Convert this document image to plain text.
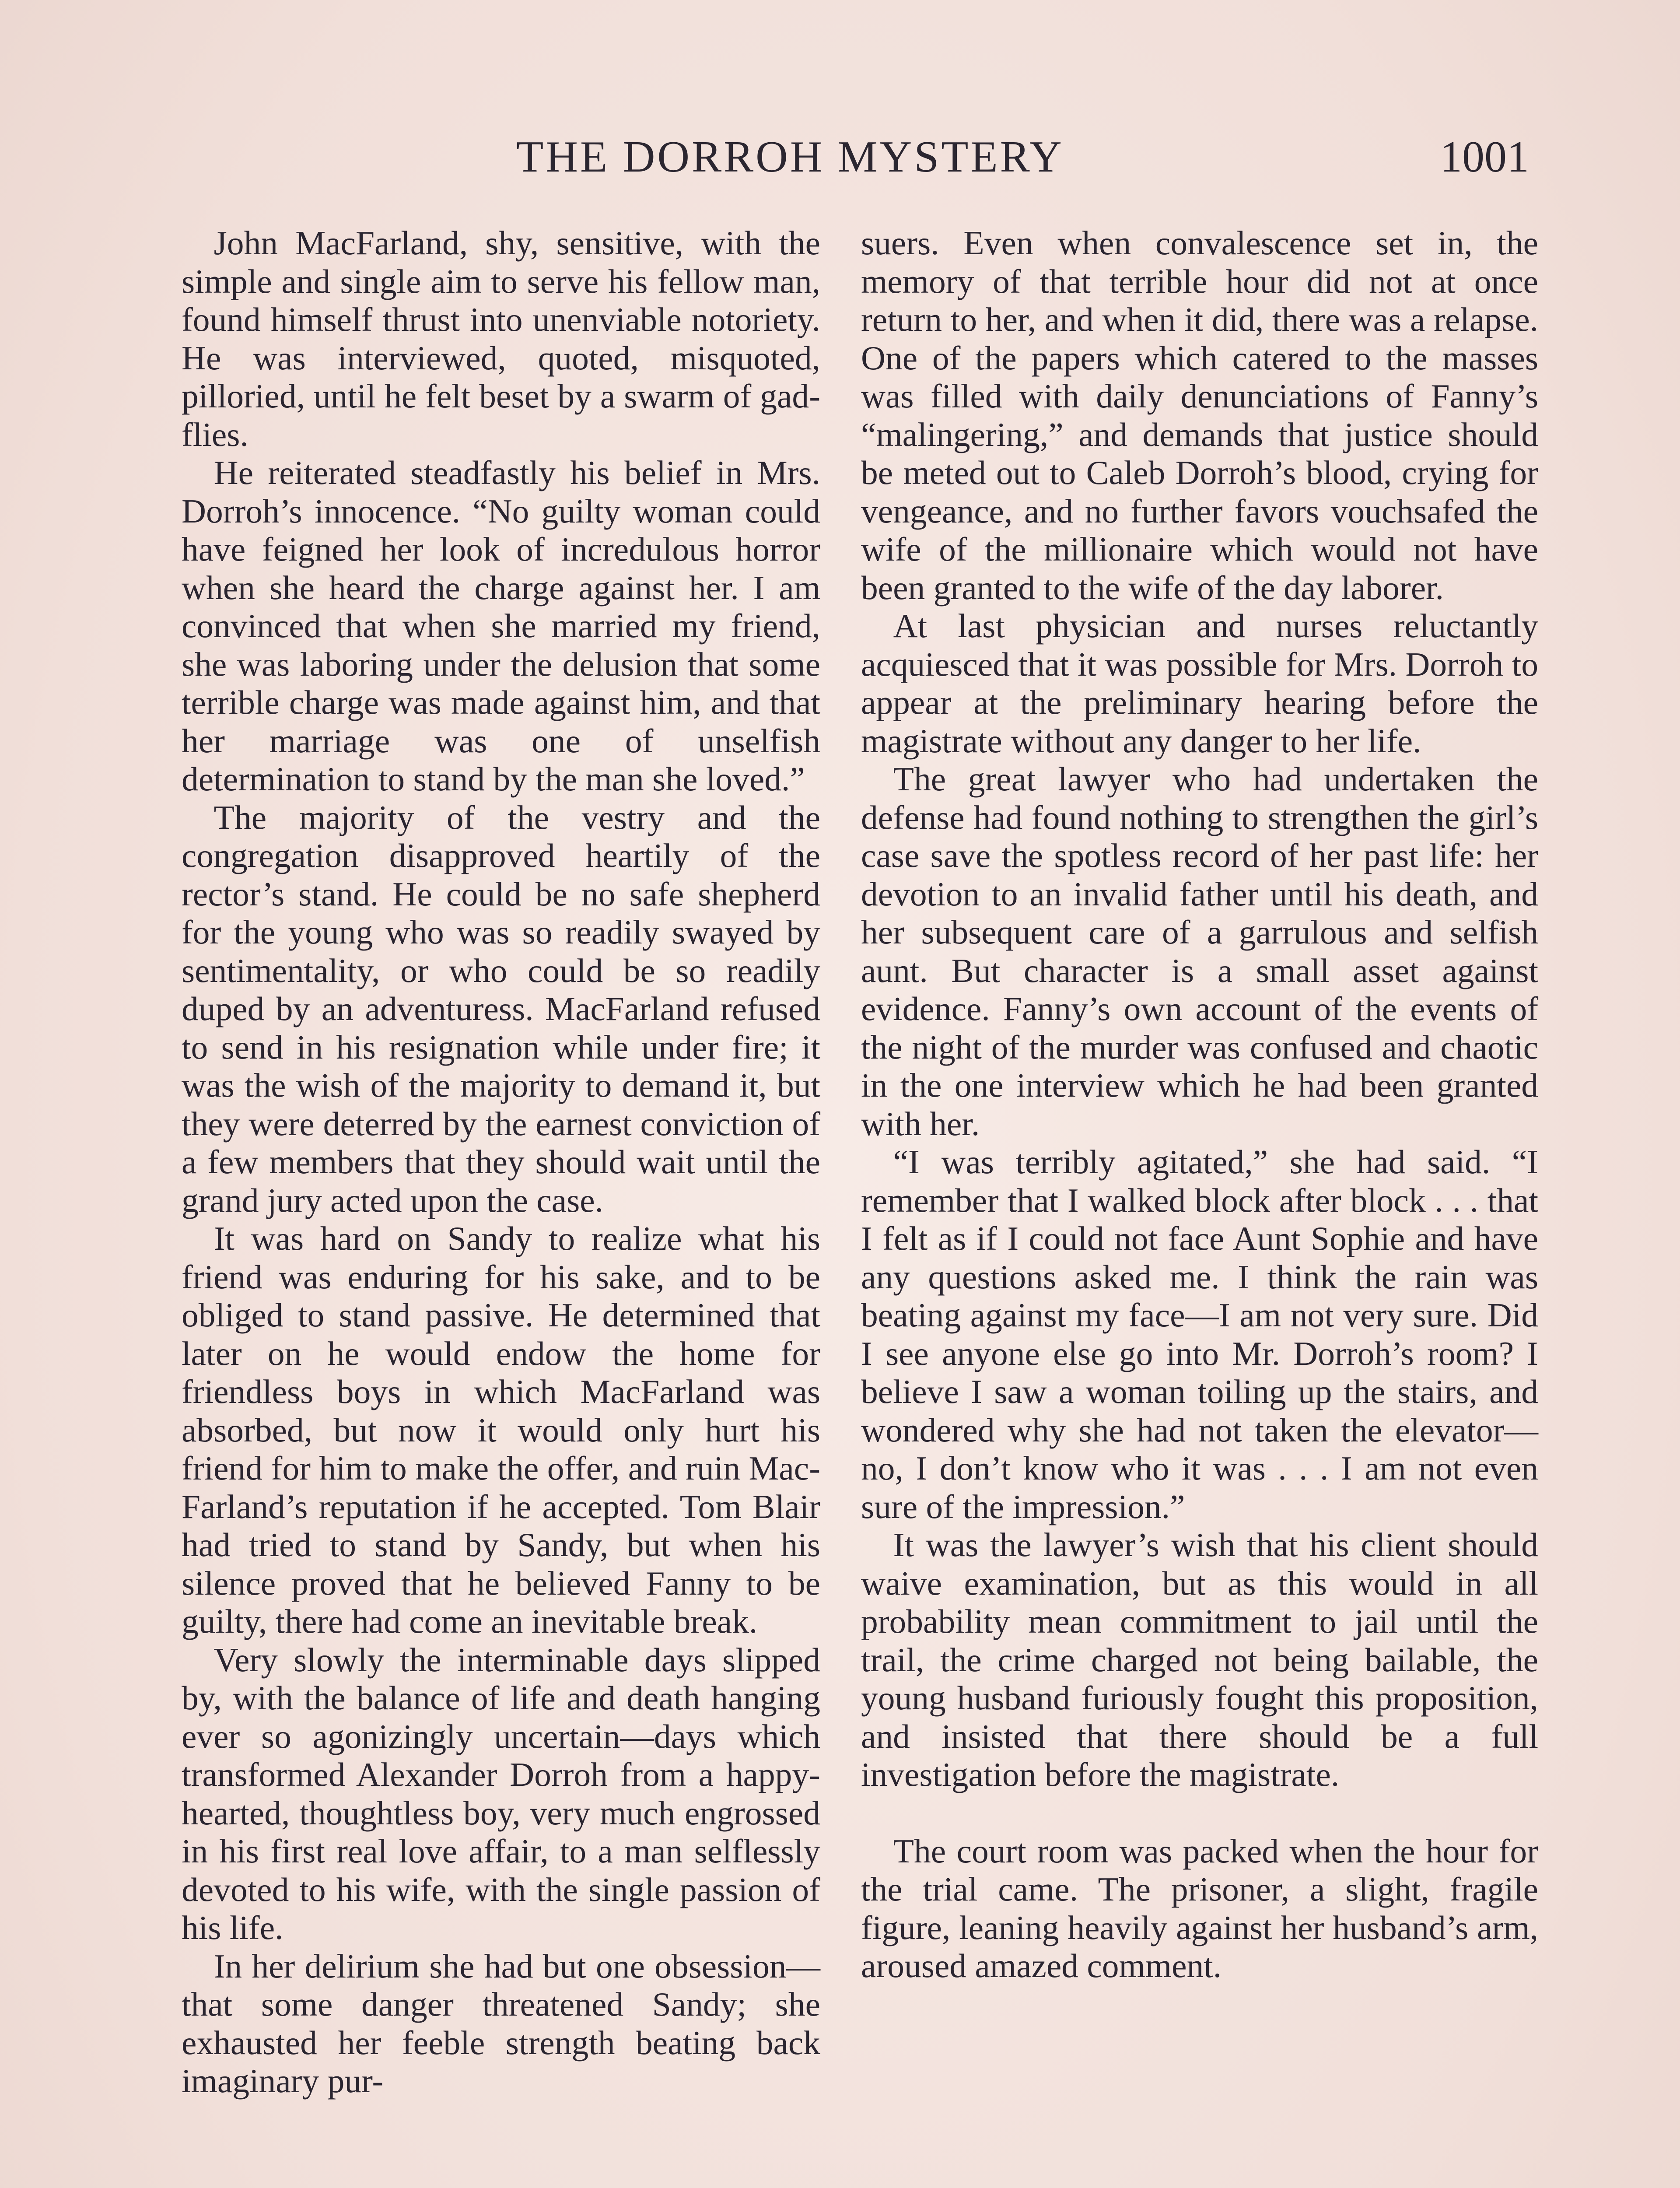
THE DORROH MYSTERY	1001

John MacFarland, shy, sensitive, with the simple and single aim to serve his fellow man, found himself thrust into unenviable notoriety. He was interviewed, quoted, misquoted, pilloried, until he felt beset by a swarm of gadflies.

He reiterated steadfastly his belief in Mrs. Dorroh’s innocence. “No guilty woman could have feigned her look of incredulous horror when she heard the charge against her. I am convinced that when she married my friend, she was laboring under the delusion that some terrible charge was made against him, and that her marriage was one of unselfish determination to stand by the man she loved.”

The majority of the vestry and the congregation disapproved heartily of the rector’s stand. He could be no safe shepherd for the young who was so readily swayed by sentimentality, or who could be so readily duped by an adventuress. MacFarland refused to send in his resignation while under fire; it was the wish of the majority to demand it, but they were deterred by the earnest conviction of a few members that they should wait until the grand jury acted upon the case.

It was hard on Sandy to realize what his friend was enduring for his sake, and to be obliged to stand passive. He determined that later on he would endow the home for friendless boys in which MacFarland was absorbed, but now it would only hurt his friend for him to make the offer, and ruin MacFarland’s reputation if he accepted. Tom Blair had tried to stand by Sandy, but when his silence proved that he believed Fanny to be guilty, there had come an inevitable break.

Very slowly the interminable days slipped by, with the balance of life and death hanging ever so agonizingly uncertain—days which transformed Alexander Dorroh from a happy-hearted, thoughtless boy, very much engrossed in his first real love affair, to a man selflessly devoted to his wife, with the single passion of his life.

In her delirium she had but one obsession—that some danger threatened Sandy; she exhausted her feeble strength beating back imaginary pur-

suers. Even when convalescence set in, the memory of that terrible hour did not at once return to her, and when it did, there was a relapse. One of the papers which catered to the masses was filled with daily denunciations of Fanny’s “malingering,” and demands that justice should be meted out to Caleb Dorroh’s blood, crying for vengeance, and no further favors vouchsafed the wife of the millionaire which would not have been granted to the wife of the day laborer.

At last physician and nurses reluctantly acquiesced that it was possible for Mrs. Dorroh to appear at the preliminary hearing before the magistrate without any danger to her life.

The great lawyer who had undertaken the defense had found nothing to strengthen the girl’s case save the spotless record of her past life: her devotion to an invalid father until his death, and her subsequent care of a garrulous and selfish aunt. But character is a small asset against evidence. Fanny’s own account of the events of the night of the murder was confused and chaotic in the one interview which he had been granted with her.

“I was terribly agitated,” she had said. “I remember that I walked block after block . . . that I felt as if I could not face Aunt Sophie and have any questions asked me. I think the rain was beating against my face—I am not very sure. Did I see anyone else go into Mr. Dorroh’s room? I believe I saw a woman toiling up the stairs, and wondered why she had not taken the elevator—no, I don’t know who it was . . . I am not even sure of the impression.”

It was the lawyer’s wish that his client should waive examination, but as this would in all probability mean commitment to jail until the trail, the crime charged not being bailable, the young husband furiously fought this proposition, and insisted that there should be a full investigation before the magistrate.

The court room was packed when the hour for the trial came. The prisoner, a slight, fragile figure, leaning heavily against her husband’s arm, aroused amazed comment.
